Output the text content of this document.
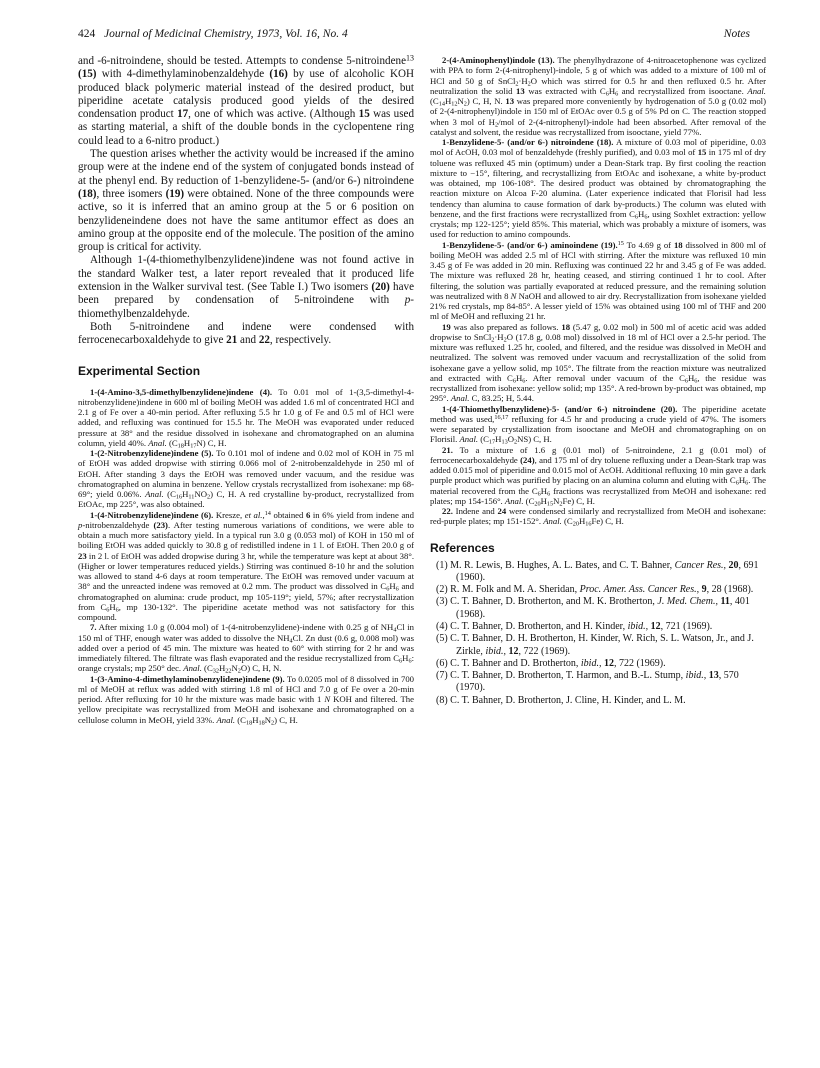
424 Journal of Medicinal Chemistry, 1973, Vol. 16, No. 4	Notes

and -6-nitroindene, should be tested. Attempts to condense 5-nitroindene$^{13}$ (15) with 4-dimethylaminobenzaldehyde (16) by use of alcoholic KOH produced black polymeric material instead of the desired product, but piperidine acetate catalysis produced good yields of the desired condensation product 17, one of which was active. (Although 15 was used as starting material, a shift of the double bonds in the cyclopentene ring could lead to a 6-nitro product.)

The question arises whether the activity would be increased if the amino group were at the indene end of the system of conjugated bonds instead of at the phenyl end. By reduction of 1-benzylidene-5- (and/or 6-) nitroindene (18), three isomers (19) were obtained. None of the three compounds were active, so it is inferred that an amino group at the 5 or 6 position on benzylideneindene does not have the same antitumor effect as does an amino group at the opposite end of the molecule. The position of the amino group is critical for activity.

Although 1-(4-thiomethylbenzylidene)indene was not found active in the standard Walker test, a later report revealed that it produced life extension in the Walker survival test. (See Table I.) Two isomers (20) have been prepared by condensation of 5-nitroindene with p-thiomethylbenzaldehyde.

Both 5-nitroindene and indene were condensed with ferrocenecarboxaldehyde to give 21 and 22, respectively.

Experimental Section

1-(4-Amino-3,5-dimethylbenzylidene)indene (4). To 0.01 mol of 1-(3,5-dimethyl-4-nitrobenzylidene)indene in 600 ml of boiling MeOH was added 1.6 ml of concentrated HCl and 2.1 g of Fe over a 40-min period. After refluxing 5.5 hr 1.0 g of Fe and 0.5 ml of HCl were added, and refluxing was continued for 15.5 hr. The MeOH was evaporated under reduced pressure at 38° and the residue dissolved in isohexane and chromatographed on an alumina column, yield 40%. Anal. $(C_{18}H_{17}N)$ C, H.

1-(2-Nitrobenzylidene)indene (5). To 0.101 mol of indene and 0.02 mol of KOH in 75 ml of EtOH was added dropwise with stirring 0.066 mol of 2-nitrobenzaldehyde in 250 ml of EtOH. After standing 3 days the EtOH was removed under vacuum, and the residue was chromatographed on alumina in benzene. Yellow crystals recrystallized from isohexane: mp 68-69°; yield 0.06%. Anal. $(C_{16}H_{11}NO_2)$ C, H. A red crystalline by-product, recrystallized from EtOAc, mp 225°, was also obtained.

1-(4-Nitrobenzylidene)indene (6). Kresze, et al.,$^{14}$ obtained 6 in 6% yield from indene and p-nitrobenzaldehyde (23). After testing numerous variations of conditions, we were able to obtain a much more satisfactory yield. In a typical run 3.0 g (0.053 mol) of KOH in 150 ml of boiling EtOH was added quickly to 30.8 g of redistilled indene in 1 l. of EtOH. Then 20.0 g of 23 in 2 l. of EtOH was added dropwise during 3 hr, while the temperature was kept at about 38°. (Higher or lower temperatures reduced yields.) Stirring was continued 8-10 hr and the solution was allowed to stand 4-6 days at room temperature. The EtOH was removed under vacuum at 38° and the unreacted indene was removed at 0.2 mm. The product was dissolved in $C_6H_6$ and chromatographed on alumina: crude product, mp 105-119°; yield, 57%; after recrystallization from $C_6H_6$, mp 130-132°. The piperidine acetate method was not satisfactory for this compound.

7. After mixing 1.0 g (0.004 mol) of 1-(4-nitrobenzylidene)-indene with 0.25 g of $NH_4Cl$ in 150 ml of THF, enough water was added to dissolve the $NH_4Cl$. Zn dust (0.6 g, 0.008 mol) was added over a period of 45 min. The mixture was heated to 60° with stirring for 2 hr and was immediately filtered. The filtrate was flash evaporated and the residue recrystallized from $C_6H_6$: orange crystals; mp 250° dec. Anal. $(C_{32}H_{22}N_2O)$ C, H, N.

1-(3-Amino-4-dimethylaminobenzylidene)indene (9). To 0.0205 mol of 8 dissolved in 700 ml of MeOH at reflux was added with stirring 1.8 ml of HCl and 7.0 g of Fe over a 20-min period. After refluxing for 10 hr the mixture was made basic with 1 N KOH and filtered. The yellow precipitate was recrystallized from MeOH and isohexane and chromatographed on a cellulose column in MeOH, yield 33%. Anal. $(C_{18}H_{18}N_2)$ C, H.

2-(4-Aminophenyl)indole (13). The phenylhydrazone of 4-nitroacetophenone was cyclized with PPA to form 2-(4-nitrophenyl)-indole, 5 g of which was added to a mixture of 100 ml of HCl and 50 g of $SnCl_2\cdot H_2O$ which was stirred for 0.5 hr and then refluxed 0.5 hr. After neutralization the solid 13 was extracted with $C_6H_6$ and recrystallized from isooctane. Anal. $(C_{14}H_{12}N_2)$ C, H, N. 13 was prepared more conveniently by hydrogenation of 5.0 g (0.02 mol) of 2-(4-nitrophenyl)indole in 150 ml of EtOAc over 0.5 g of 5% Pd on C. The reaction stopped when 3 mol of $H_2$/mol of 2-(4-nitrophenyl)-indole had been absorbed. After removal of the catalyst and solvent, the residue was recrystallized from isooctane, yield 77%.

1-Benzylidene-5- (and/or 6-) nitroindene (18). A mixture of 0.03 mol of piperidine, 0.03 mol of AcOH, 0.03 mol of benzaldehyde (freshly purified), and 0.03 mol of 15 in 175 ml of dry toluene was refluxed 45 min (optimum) under a Dean-Stark trap. By first cooling the reaction mixture to −15°, filtering, and recrystallizing from EtOAc and isohexane, a white by-product was obtained, mp 106-108°. The desired product was obtained by chromatographing the reaction mixture on Alcoa F-20 alumina. (Later experience indicated that Florisil had less tendency than alumina to cause formation of dark by-products.) The column was eluted with benzene, and the first fractions were recrystallized from $C_6H_6$, using Soxhlet extraction: yellow crystals; mp 122-125°; yield 85%. This material, which was probably a mixture of isomers, was used for reduction to amino compounds.

1-Benzylidene-5- (and/or 6-) aminoindene (19).$^{15}$ To 4.69 g of 18 dissolved in 800 ml of boiling MeOH was added 2.5 ml of HCl with stirring. After the mixture was refluxed 10 min 3.45 g of Fe was added in 20 min. Refluxing was continued 22 hr and 3.45 g of Fe was added. The mixture was refluxed 28 hr, heating ceased, and stirring continued 1 hr to cool. After filtering, the solution was partially evaporated at reduced pressure, and the remaining solution was neutralized with 8 N NaOH and allowed to air dry. Recrystallization from isohexane yielded 21% red crystals, mp 84-85°. A lesser yield of 15% was obtained using 100 ml of THF and 200 ml of MeOH and refluxing 21 hr.

19 was also prepared as follows. 18 (5.47 g, 0.02 mol) in 500 ml of acetic acid was added dropwise to $SnCl_2\cdot H_2O$ (17.8 g, 0.08 mol) dissolved in 18 ml of HCl over a 2.5-hr period. The mixture was refluxed 1.25 hr, cooled, and filtered, and the residue was dissolved in MeOH and neutralized. The solvent was removed under vacuum and recrystallization of the solid from isohexane gave a yellow solid, mp 105°. The filtrate from the reaction mixture was neutralized and extracted with $C_6H_6$. After removal under vacuum of the $C_6H_6$, the residue was recrystallized from isohexane: yellow solid; mp 135°. A red-brown by-product was obtained, mp 295°. Anal. C, 83.25; H, 5.44.

1-(4-Thiomethylbenzylidene)-5- (and/or 6-) nitroindene (20). The piperidine acetate method was used,$^{16,17}$ refluxing for 4.5 hr and producing a crude yield of 47%. The isomers were separated by crystallization from isooctane and MeOH and chromatographing on on Florisil. Anal. $(C_{17}H_{13}O_2NS)$ C, H.

21. To a mixture of 1.6 g (0.01 mol) of 5-nitroindene, 2.1 g (0.01 mol) of ferrocenecarboxaldehyde (24), and 175 ml of dry toluene refluxing under a Dean-Stark trap was added 0.015 mol of piperidine and 0.015 mol of AcOH. Additional refluxing 10 min gave a dark purple product which was purified by placing on an alumina column and eluting with $C_6H_6$. The material recovered from the $C_6H_6$ fractions was recrystallized from MeOH and isohexane: red plates; mp 154-156°. Anal. $(C_{20}H_{15}N_2Fe)$ C, H.

22. Indene and 24 were condensed similarly and recrystallized from MeOH and isohexane: red-purple plates; mp 151-152°. Anal. $(C_{20}H_{16}Fe)$ C, H.

References
(1) M. R. Lewis, B. Hughes, A. L. Bates, and C. T. Bahner, Cancer Res., 20, 691 (1960).
(2) R. M. Folk and M. A. Sheridan, Proc. Amer. Ass. Cancer Res., 9, 28 (1968).
(3) C. T. Bahner, D. Brotherton, and M. K. Brotherton, J. Med. Chem., 11, 401 (1968).
(4) C. T. Bahner, D. Brotherton, and H. Kinder, ibid., 12, 721 (1969).
(5) C. T. Bahner, D. H. Brotherton, H. Kinder, W. Rich, S. L. Watson, Jr., and J. Zirkle, ibid., 12, 722 (1969).
(6) C. T. Bahner and D. Brotherton, ibid., 12, 722 (1969).
(7) C. T. Bahner, D. Brotherton, T. Harmon, and B.-L. Stump, ibid., 13, 570 (1970).
(8) C. T. Bahner, D. Brotherton, J. Cline, H. Kinder, and L. M.
